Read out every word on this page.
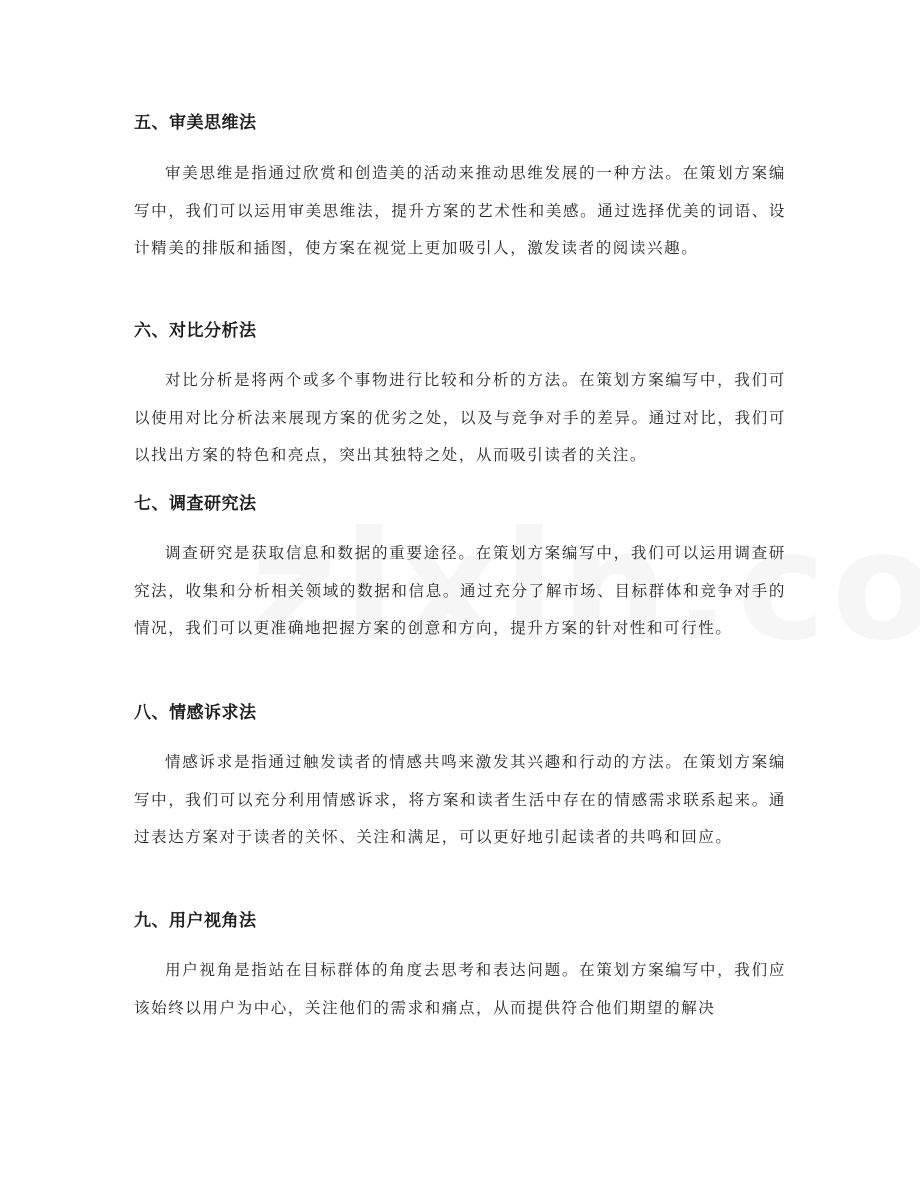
五、审美思维法

审美思维是指通过欣赏和创造美的活动来推动思维发展的一种方法。在策划方案编写中，我们可以运用审美思维法，提升方案的艺术性和美感。通过选择优美的词语、设计精美的排版和插图，使方案在视觉上更加吸引人，激发读者的阅读兴趣。

六、对比分析法

对比分析是将两个或多个事物进行比较和分析的方法。在策划方案编写中，我们可以使用对比分析法来展现方案的优劣之处，以及与竞争对手的差异。通过对比，我们可以找出方案的特色和亮点，突出其独特之处，从而吸引读者的关注。

七、调查研究法

调查研究是获取信息和数据的重要途径。在策划方案编写中，我们可以运用调查研究法，收集和分析相关领域的数据和信息。通过充分了解市场、目标群体和竞争对手的情况，我们可以更准确地把握方案的创意和方向，提升方案的针对性和可行性。

八、情感诉求法

情感诉求是指通过触发读者的情感共鸣来激发其兴趣和行动的方法。在策划方案编写中，我们可以充分利用情感诉求，将方案和读者生活中存在的情感需求联系起来。通过表达方案对于读者的关怀、关注和满足，可以更好地引起读者的共鸣和回应。

九、用户视角法

用户视角是指站在目标群体的角度去思考和表达问题。在策划方案编写中，我们应该始终以用户为中心，关注他们的需求和痛点，从而提供符合他们期望的解决
